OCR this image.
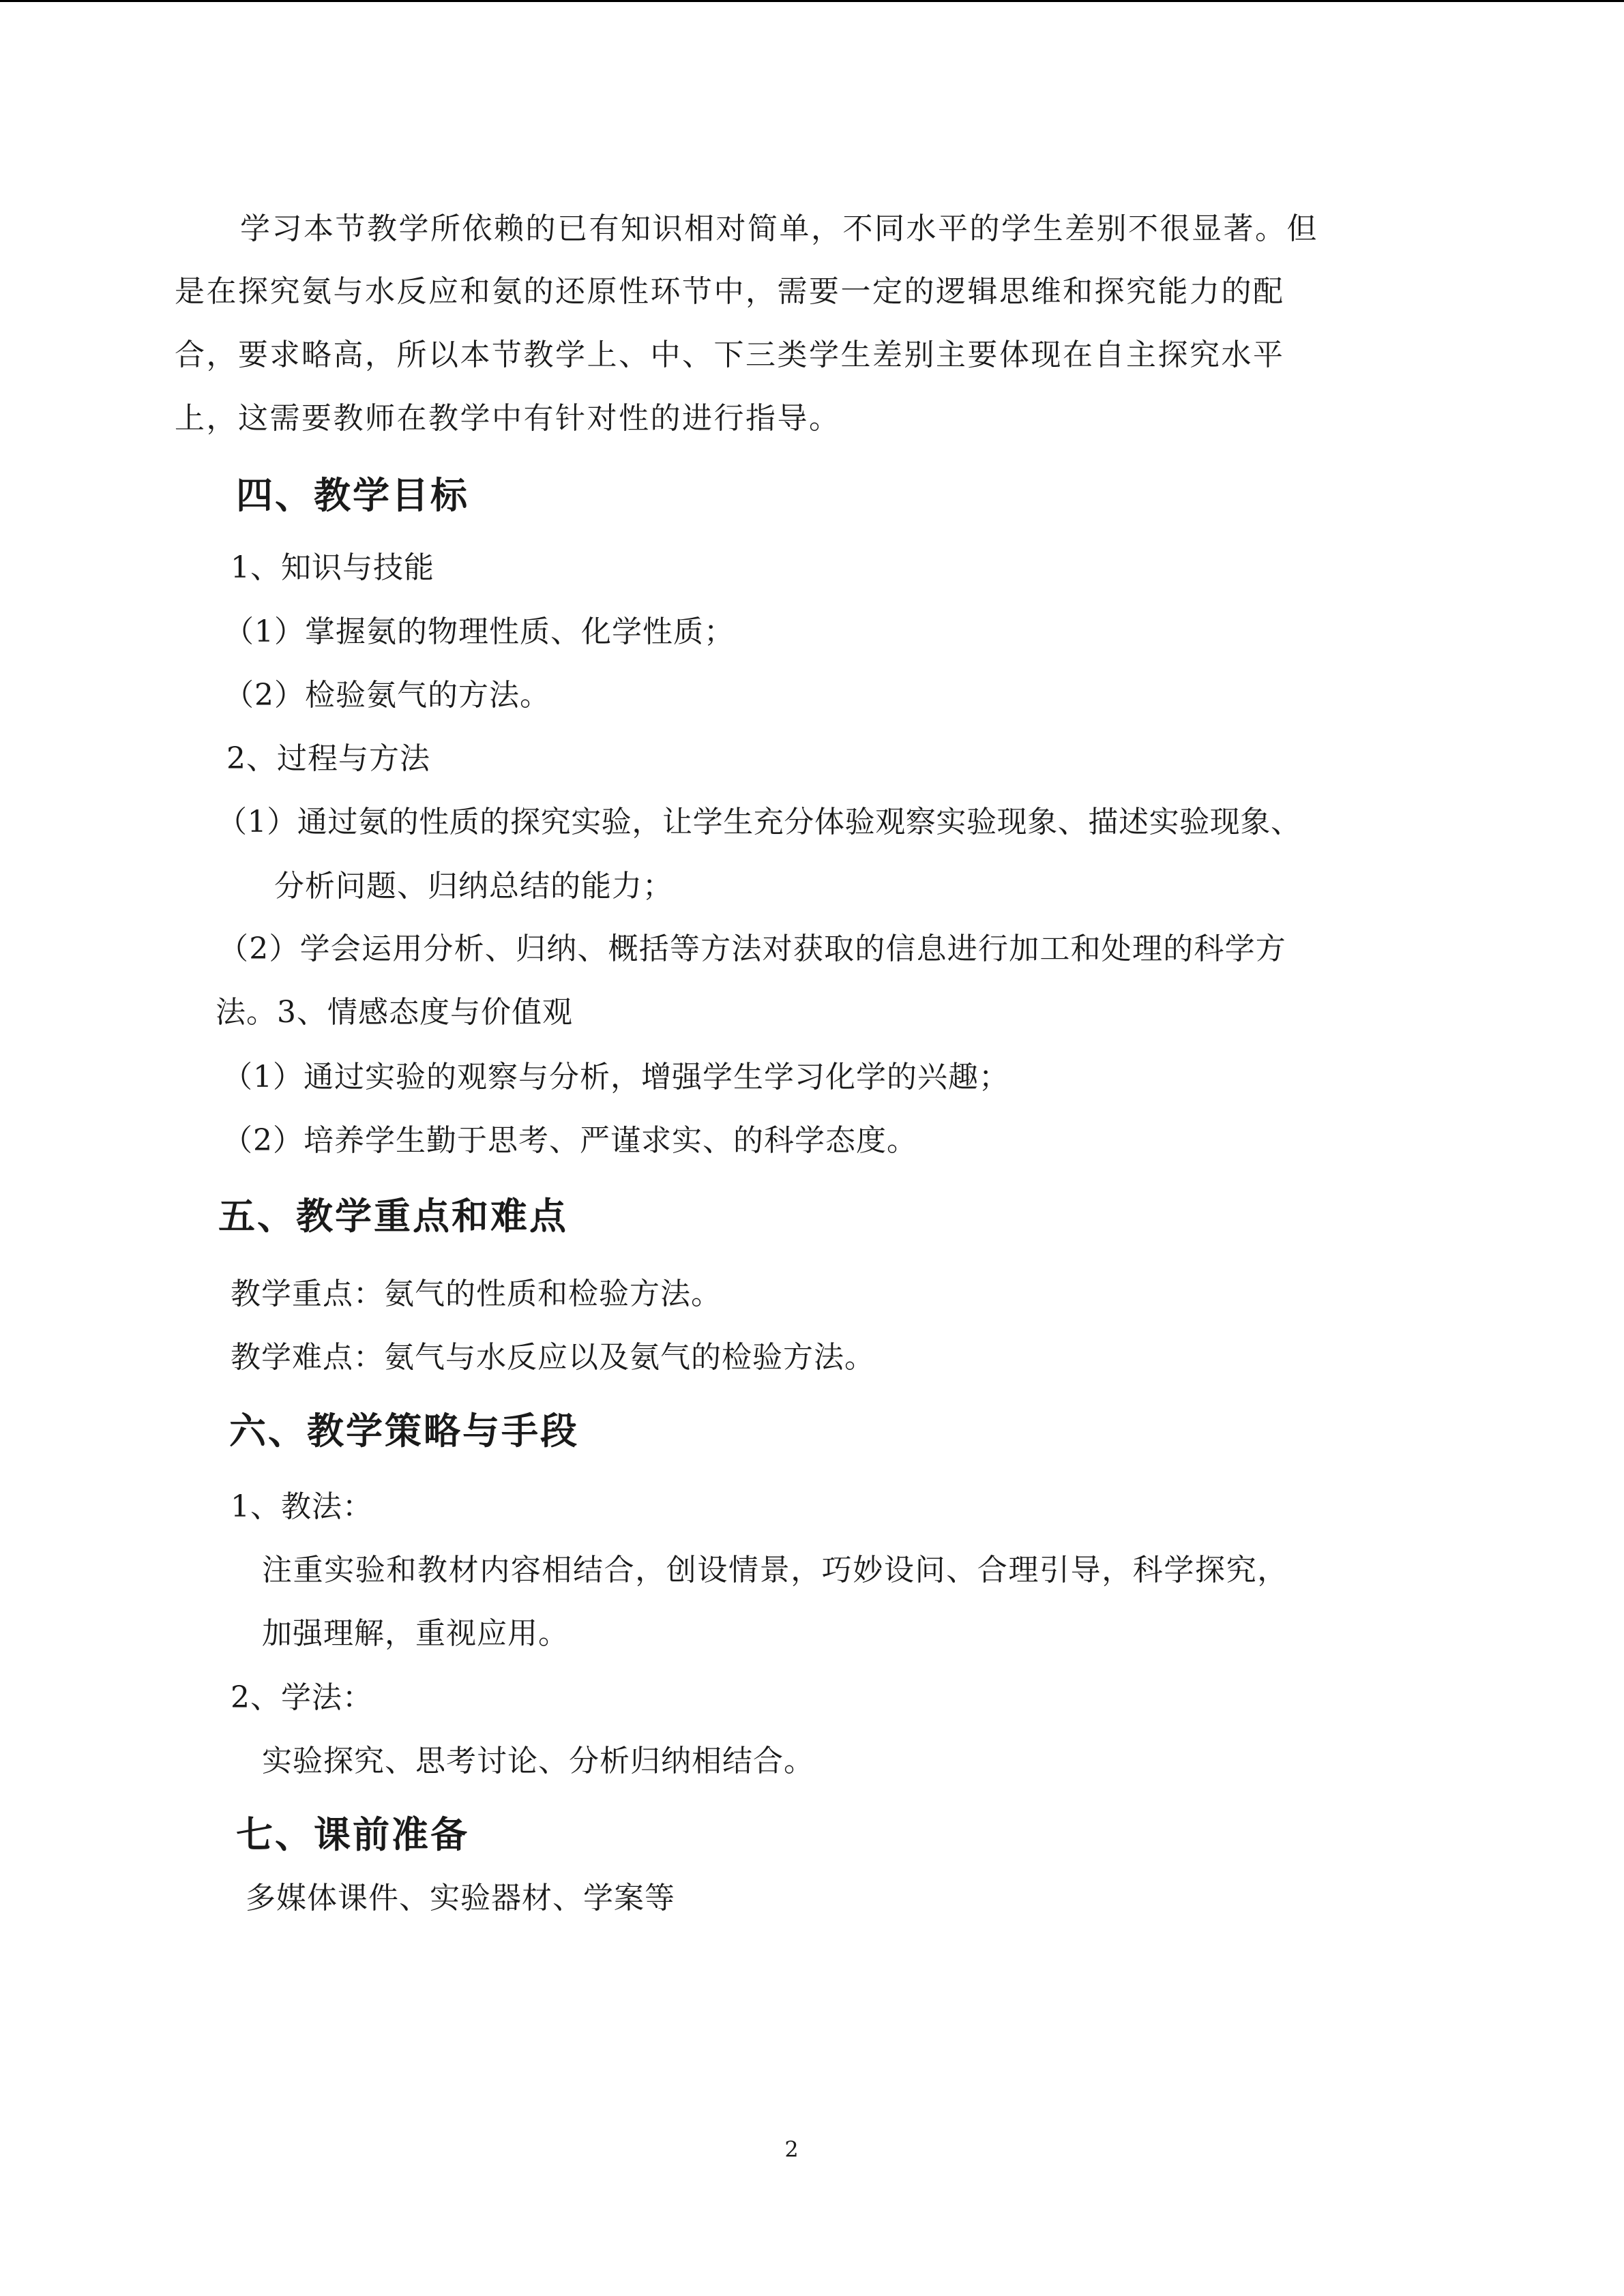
学习本节教学所依赖的已有知识相对简单，不同水平的学生差别不很显著。但
是在探究氨与水反应和氨的还原性环节中，需要一定的逻辑思维和探究能力的配
合，要求略高，所以本节教学上、中、下三类学生差别主要体现在自主探究水平
上，这需要教师在教学中有针对性的进行指导。
四、教学目标
1、知识与技能
（1）掌握氨的物理性质、化学性质；
（2）检验氨气的方法。
2、过程与方法
（1）通过氨的性质的探究实验，让学生充分体验观察实验现象、描述实验现象、
分析问题、归纳总结的能力；
（2）学会运用分析、归纳、概括等方法对获取的信息进行加工和处理的科学方
法。3、情感态度与价值观
（1）通过实验的观察与分析，增强学生学习化学的兴趣；
（2）培养学生勤于思考、严谨求实、的科学态度。
五、教学重点和难点
教学重点：氨气的性质和检验方法。
教学难点：氨气与水反应以及氨气的检验方法。
六、教学策略与手段
1、教法：
注重实验和教材内容相结合，创设情景，巧妙设问、合理引导，科学探究，
加强理解，重视应用。
2、学法：
实验探究、思考讨论、分析归纳相结合。
七、课前准备
多媒体课件、实验器材、学案等
2
